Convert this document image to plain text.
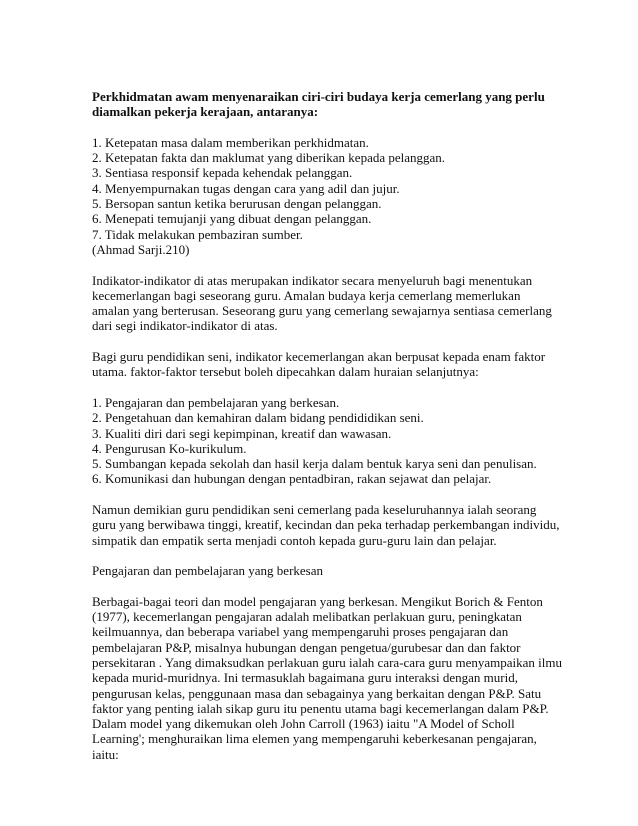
Perkhidmatan awam menyenaraikan ciri-ciri budaya kerja cemerlang yang perlu
diamalkan pekerja kerajaan, antaranya:

1. Ketepatan masa dalam memberikan perkhidmatan.
2. Ketepatan fakta dan maklumat yang diberikan kepada pelanggan.
3. Sentiasa responsif kepada kehendak pelanggan.
4. Menyempurnakan tugas dengan cara yang adil dan jujur.
5. Bersopan santun ketika berurusan dengan pelanggan.
6. Menepati temujanji yang dibuat dengan pelanggan.
7. Tidak melakukan pembaziran sumber.
(Ahmad Sarji.210)

Indikator-indikator di atas merupakan indikator secara menyeluruh bagi menentukan
kecemerlangan bagi seseorang guru. Amalan budaya kerja cemerlang memerlukan
amalan yang berterusan. Seseorang guru yang cemerlang sewajarnya sentiasa cemerlang
dari segi indikator-indikator di atas.

Bagi guru pendidikan seni, indikator kecemerlangan akan berpusat kepada enam faktor
utama. faktor-faktor tersebut boleh dipecahkan dalam huraian selanjutnya:

1. Pengajaran dan pembelajaran yang berkesan.
2. Pengetahuan dan kemahiran dalam bidang pendididikan seni.
3. Kualiti diri dari segi kepimpinan, kreatif dan wawasan.
4. Pengurusan Ko-kurikulum.
5. Sumbangan kepada sekolah dan hasil kerja dalam bentuk karya seni dan penulisan.
6. Komunikasi dan hubungan dengan pentadbiran, rakan sejawat dan pelajar.

Namun demikian guru pendidikan seni cemerlang pada keseluruhannya ialah seorang
guru yang berwibawa tinggi, kreatif, kecindan dan peka terhadap perkembangan individu,
simpatik dan empatik serta menjadi contoh kepada guru-guru lain dan pelajar.

Pengajaran dan pembelajaran yang berkesan

Berbagai-bagai teori dan model pengajaran yang berkesan. Mengikut Borich & Fenton
(1977), kecemerlangan pengajaran adalah melibatkan perlakuan guru, peningkatan
keilmuannya, dan beberapa variabel yang mempengaruhi proses pengajaran dan
pembelajaran P&P, misalnya hubungan dengan pengetua/gurubesar dan dan faktor
persekitaran . Yang dimaksudkan perlakuan guru ialah cara-cara guru menyampaikan ilmu
kepada murid-muridnya. Ini termasuklah bagaimana guru interaksi dengan murid,
pengurusan kelas, penggunaan masa dan sebagainya yang berkaitan dengan P&P. Satu
faktor yang penting ialah sikap guru itu penentu utama bagi kecemerlangan dalam P&P.
Dalam model yang dikemukan oleh John Carroll (1963) iaitu "A Model of Scholl
Learning'; menghuraikan lima elemen yang mempengaruhi keberkesanan pengajaran,
iaitu:
